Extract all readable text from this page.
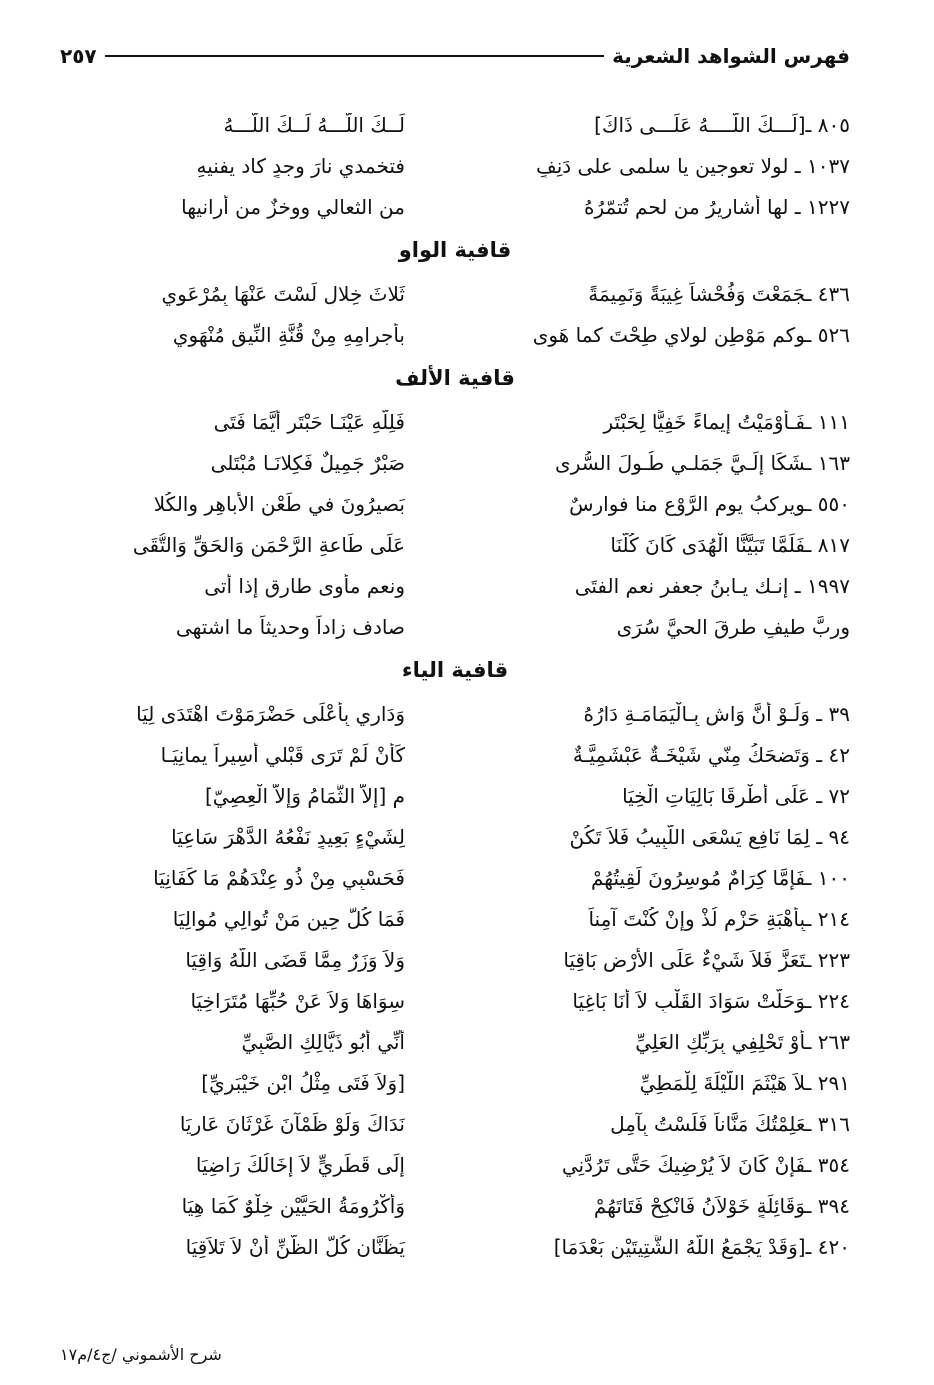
فهرس الشواهد الشعرية
٢٥٧
٨٠٥ ـ[لَـــكَ اللَّــــهُ عَلَـــى ذَاكَ]
لَــكَ اللَّـــهُ لَــكَ اللَّـــهُ
١٠٣٧ ـ لولا تعوجين يا سلمى على دَنِفٍ
فتخمدي نارَ وجدٍ كاد يفنيهِ
١٢٢٧ ـ لها أشاريرُ من لحمٍ تُتمّرُهُ
من الثعالي ووخزٌ من أرانيها
قافية الواو
٤٣٦ ـجَمَعْتَ وَفُحْشاً غِيبَةً وَنَمِيمَةً
ثَلاثَ خِلالٍ لَسْتَ عَنْهَا بِمُرْعَوِي
٥٢٦ ـوكم مَوْطِنٍ لولاي طِحْتَ كما هَوى
بأجرامِهِ مِنْ قُنَّةِ النِّيقِ مُنْهَوِي
قافية الألف
١١١ ـفَـأَوْمَيْتُ إيماءً خَفِيًّا لِحَبْتَرٍ
فَلِلّهِ عَيْنَـا حَبْتَرٍ أَيَّمَا فَتَى
١٦٣ ـشَكَا إلَـيَّ جَمَلـي طُـولَ السُّرى
صَبْرٌ جَمِيلٌ فَكِلانَـا مُبْتَلى
٥٥٠ ـويركبُ يوم الرَّوْعِ منا فوارسٌ
بَصيرُونَ في طَعْنِ الأباهِرِ والكُلا
٨١٧ ـفَلَمَّا تَبَيَّنَّا الْهُدَى كَانَ كُلُّنَا
عَلَى طَاعةِ الرَّحْمَنِ وَالحَقِّ وَالتُّقَى
١٩٩٧ ـ إنـك يـابنُ جعفرٍ نعم الفتَى
ونعم مأوى طارقٍ إذا أتى
وربَّ طيفٍ طرقَ الحيَّ سُرَى
صادف زاداً وحديثاً ما اشتهى
قافية الياء
٣٩ ـ وَلَـوْ أَنَّ وَاشٍ بِـالْيَمَامَـةِ دَارُهُ
وَدَارِي بِأَعْلَى حَضْرَمَوْتَ اهْتَدَى لِيَا
٤٢ ـ وَتَضحَكُ مِنّي شَيْخَـةٌ عَبْشَمِيَّـةٌ
كَأَنْ لَمْ تَرَى قَبْلي أَسِيراً يمانِيَـا
٧٢ ـ عَلَى أَطْرِقَا بَالِيَاتِ الْخِيَا
مِ [إلاَّ الثُّمَامُ وَإلاَّ الْعِصِيّ]
٩٤ ـ لِمَا نَافِعٍ يَسْعَى اللَّبِيبُ فَلاَ تَكُنْ
لِشَيْءٍ بَعِيدٍ نَفْعُهُ الدَّهْرَ سَاعِيَا
١٠٠ ـفَإمَّا كِرَامٌ مُوسِرُونَ لَقِيتُهُمْ
فَحَسْبِي مِنْ ذُو عِنْدَهُمْ مَا كَفَانِيَا
٢١٤ ـبِأَهْبَةِ حَزْمٍ لُذْ وإنْ كُنْتَ آمِناً
فَمَا كُلَّ حِينٍ مَنْ تُوالِي مُوالِيَا
٢٢٣ ـتَعَزَّ فَلاَ شَيْءٌ عَلَى الأَرْضِ بَاقِيَا
وَلاَ وَزَرٌ مِمَّا قَضَى اللَّهُ وَاقِيَا
٢٢٤ ـوَحَلَّتْ سَوَادَ القَلْبِ لاَ أَنَا بَاغِيَا
سِوَاهَا وَلاَ عَنْ حُبِّهَا مُتَرَاخِيَا
٢٦٣ ـأَوْ تَحْلِفِي بِرَبِّكِ العَلِيِّ
أَنِّي أَبُو ذَيَّالِكِ الصَّبِيِّ
٢٩١ ـلاَ هَيْثَمَ اللَّيْلَةَ لِلْمَطِيِّ
[وَلاَ فَتَى مِثْلُ ابْنِ خَيْبَرِيِّ]
٣١٦ ـعَلِمْتُكَ مَنَّاناً فَلَسْتُ بِآمِلٍ
نَدَاكَ وَلَوْ ظَمْآنَ غَرْثَانَ عَارِيَا
٣٥٤ ـفَإِنْ كَانَ لاَ يُرْضِيكَ حَتَّى تَرُدَّنِي
إلَى قَطَرِيٍّ لاَ إخَالُكَ رَاضِيَا
٣٩٤ ـوَقَائِلَةٍ خَوْلاَنُ فَانْكِحْ فَتَاتَهُمْ
وَأُكْرُومَةُ الحَيَّيْنِ خِلْوٌ كَمَا هِيَا
٤٢٠ ـ[وَقَدْ يَجْمَعُ اللَّهُ الشَّتِيتَيْنِ بَعْدَمَا]
يَظُنَّانِ كُلَّ الظَّنِّ أَنْ لاَ تَلاَقِيَا
شرح الأشموني /ج٤/م١٧
